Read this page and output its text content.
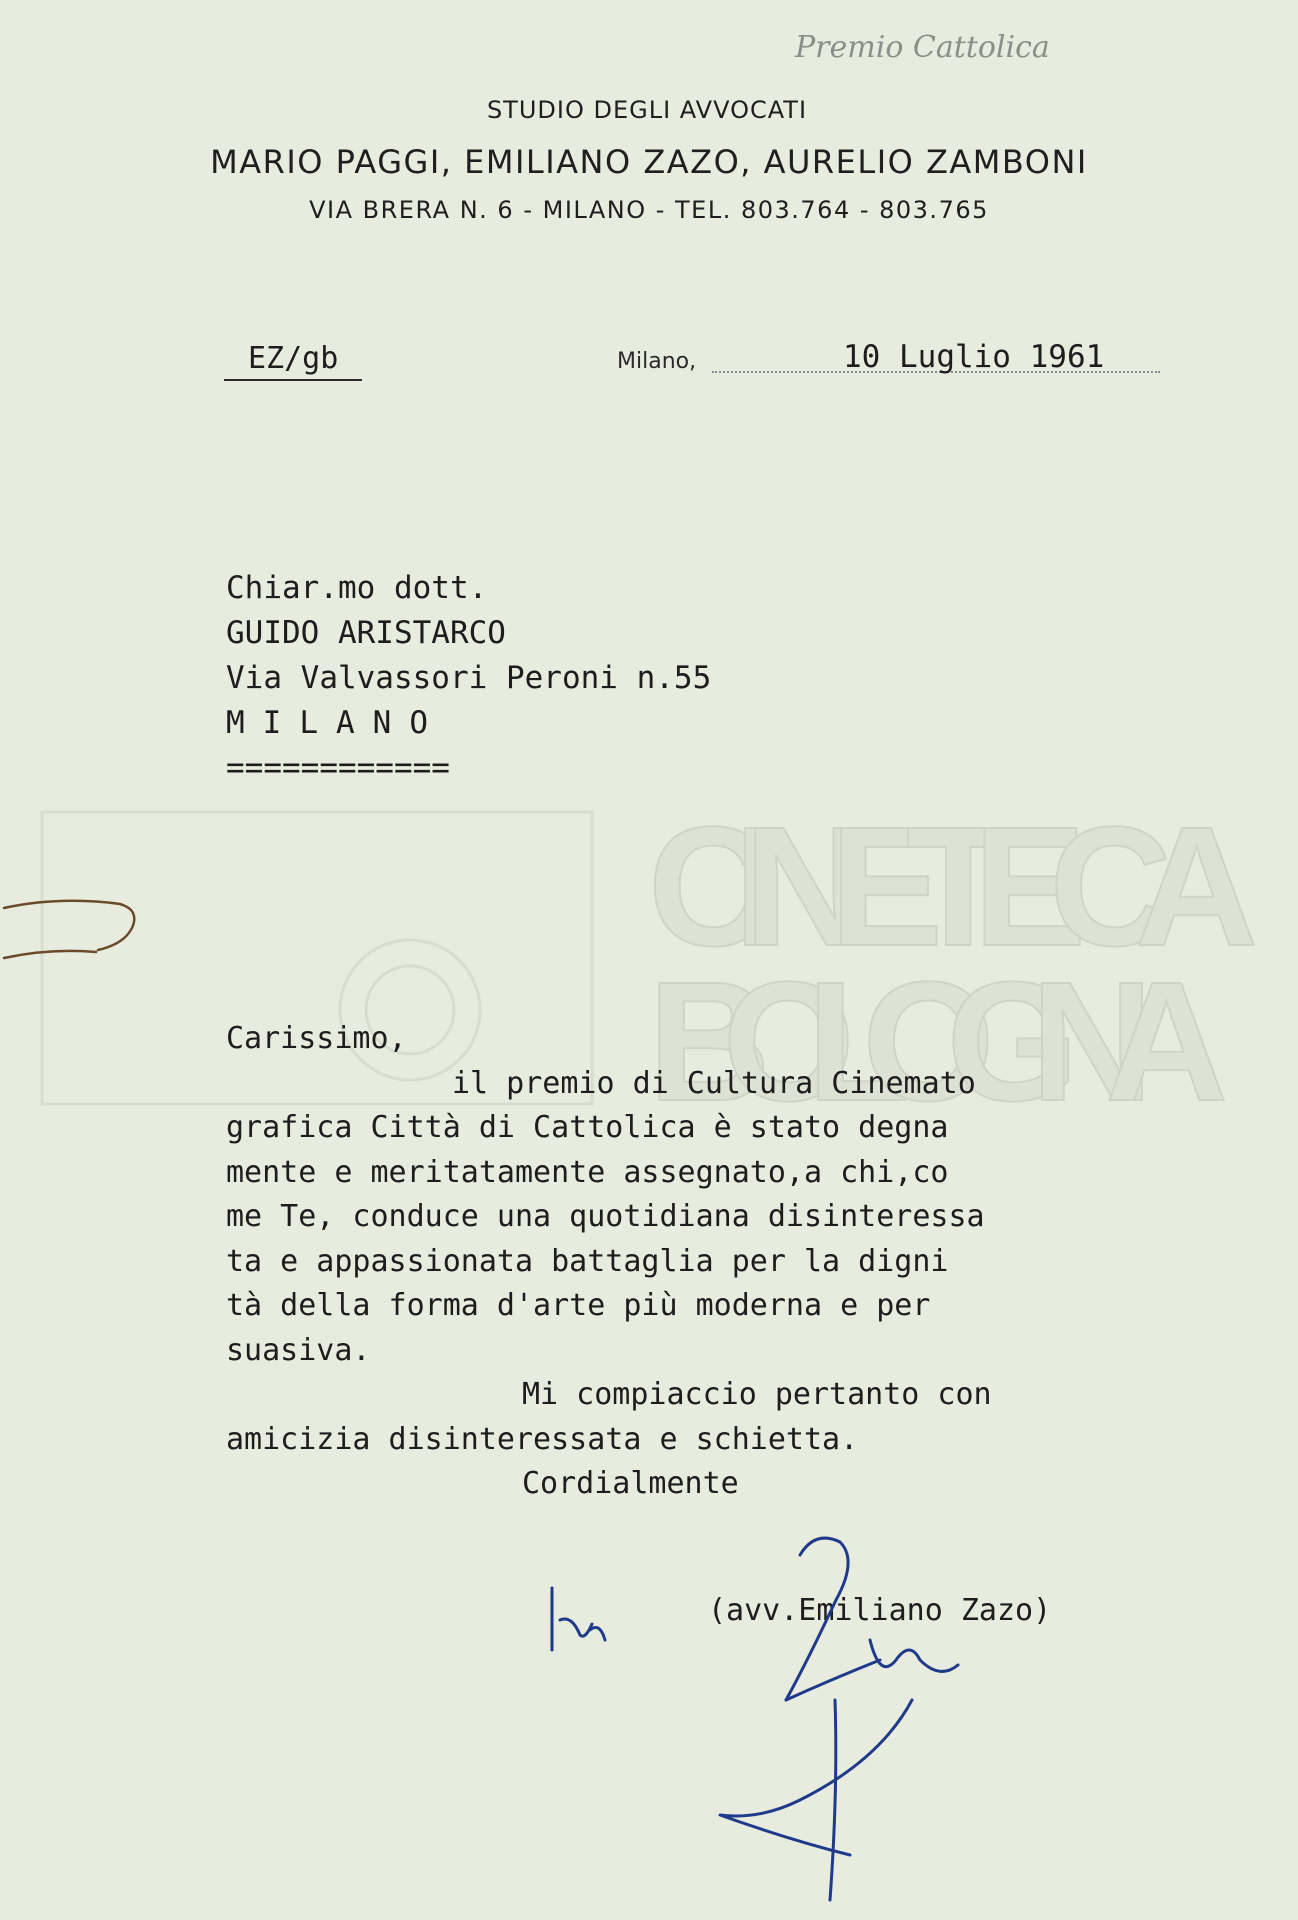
CINETECA
BOLOGNA
Premio Cattolica
STUDIO DEGLI AVVOCATI
MARIO PAGGI, EMILIANO ZAZO, AURELIO ZAMBONI
VIA BRERA N. 6 - MILANO - TEL. 803.764 - 803.765
EZ/gb	Milano,	10 Luglio 1961
Chiar.mo dott.
GUIDO ARISTARCO
Via Valvassori Peroni n.55
MILANO
============
Carissimo,
il premio di Cultura Cinemato
grafica Città di Cattolica è stato degna
mente e meritatamente assegnato,a chi,co
me Te, conduce una quotidiana disinteressa
ta e appassionata battaglia per la digni
tà della forma d'arte più moderna e per
suasiva.
Mi compiaccio pertanto con
amicizia disinteressata e schietta.
Cordialmente
(avv.Emiliano Zazo)
Zazo
